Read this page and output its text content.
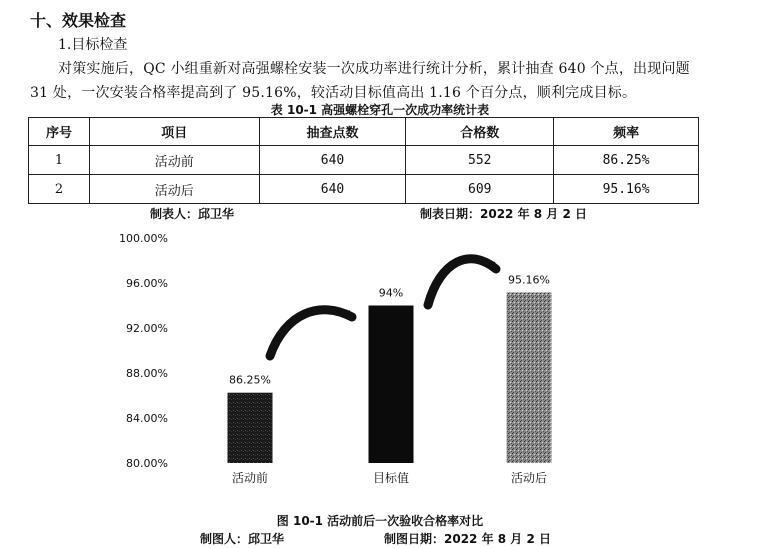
十、效果检查
1.目标检查
对策实施后，QC 小组重新对高强螺栓安装一次成功率进行统计分析，累计抽查 640 个点，出现问题
31 处，一次安装合格率提高到了 95.16%，较活动目标值高出 1.16 个百分点，顺利完成目标。
表 10-1 高强螺栓穿孔一次成功率统计表
序号	项目	抽查点数	合格数	频率
1	活动前	640	552	86.25%
2	活动后	640	609	95.16%
制表人：邱卫华	制表日期：2022 年 8 月 2 日
80.00%
84.00%
88.00%
92.00%
96.00%
100.00%
86.25%
94%
95.16%
活动前	目标值	活动后
图 10-1 活动前后一次验收合格率对比
制图人：邱卫华	制图日期：2022 年 8 月 2 日
